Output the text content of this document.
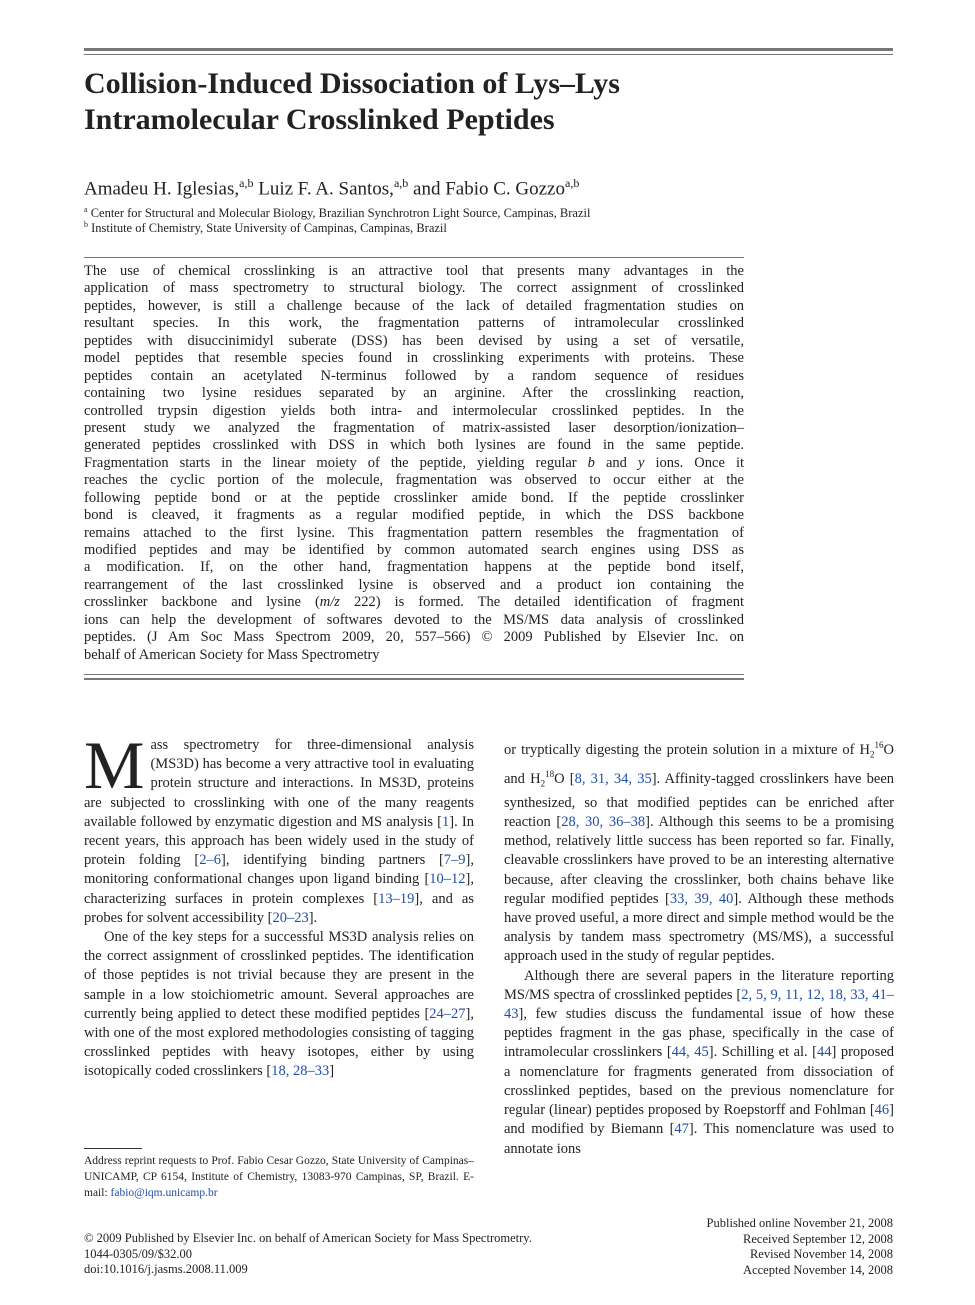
Collision-Induced Dissociation of Lys–Lys
Intramolecular Crosslinked Peptides
Amadeu H. Iglesias,$^{a,b}$ Luiz F. A. Santos,$^{a,b}$ and Fabio C. Gozzo$^{a,b}$
$^a$ Center for Structural and Molecular Biology, Brazilian Synchrotron Light Source, Campinas, Brazil
$^b$ Institute of Chemistry, State University of Campinas, Campinas, Brazil
The use of chemical crosslinking is an attractive tool that presents many advantages in the
application of mass spectrometry to structural biology. The correct assignment of crosslinked
peptides, however, is still a challenge because of the lack of detailed fragmentation studies on
resultant species. In this work, the fragmentation patterns of intramolecular crosslinked
peptides with disuccinimidyl suberate (DSS) has been devised by using a set of versatile,
model peptides that resemble species found in crosslinking experiments with proteins. These
peptides contain an acetylated N-terminus followed by a random sequence of residues
containing two lysine residues separated by an arginine. After the crosslinking reaction,
controlled trypsin digestion yields both intra- and intermolecular crosslinked peptides. In the
present study we analyzed the fragmentation of matrix-assisted laser desorption/ionization–
generated peptides crosslinked with DSS in which both lysines are found in the same peptide.
Fragmentation starts in the linear moiety of the peptide, yielding regular b and y ions. Once it
reaches the cyclic portion of the molecule, fragmentation was observed to occur either at the
following peptide bond or at the peptide crosslinker amide bond. If the peptide crosslinker
bond is cleaved, it fragments as a regular modified peptide, in which the DSS backbone
remains attached to the first lysine. This fragmentation pattern resembles the fragmentation of
modified peptides and may be identified by common automated search engines using DSS as
a modification. If, on the other hand, fragmentation happens at the peptide bond itself,
rearrangement of the last crosslinked lysine is observed and a product ion containing the
crosslinker backbone and lysine (m/z 222) is formed. The detailed identification of fragment
ions can help the development of softwares devoted to the MS/MS data analysis of crosslinked
peptides. (J Am Soc Mass Spectrom 2009, 20, 557–566) © 2009 Published by Elsevier Inc. on
behalf of American Society for Mass Spectrometry

Mass spectrometry for three-dimensional analysis (MS3D) has become a very attractive tool in evaluating protein structure and interactions. In MS3D, proteins are subjected to crosslinking with one of the many reagents available followed by enzymatic digestion and MS analysis [1]. In recent years, this approach has been widely used in the study of protein folding [2–6], identifying binding partners [7–9], monitoring conformational changes upon ligand binding [10–12], characterizing surfaces in protein complexes [13–19], and as probes for solvent accessibility [20–23].

One of the key steps for a successful MS3D analysis relies on the correct assignment of crosslinked peptides. The identification of those peptides is not trivial because they are present in the sample in a low stoichiometric amount. Several approaches are currently being applied to detect these modified peptides [24–27], with one of the most explored methodologies consisting of tagging crosslinked peptides with heavy isotopes, either by using isotopically coded crosslinkers [18, 28–33]

or tryptically digesting the protein solution in a mixture of $H_2^{16}O$ and $H_2^{18}O$ [8, 31, 34, 35]. Affinity-tagged crosslinkers have been synthesized, so that modified peptides can be enriched after reaction [28, 30, 36–38]. Although this seems to be a promising method, relatively little success has been reported so far. Finally, cleavable crosslinkers have proved to be an interesting alternative because, after cleaving the crosslinker, both chains behave like regular modified peptides [33, 39, 40]. Although these methods have proved useful, a more direct and simple method would be the analysis by tandem mass spectrometry (MS/MS), a successful approach used in the study of regular peptides.

Although there are several papers in the literature reporting MS/MS spectra of crosslinked peptides [2, 5, 9, 11, 12, 18, 33, 41–43], few studies discuss the fundamental issue of how these peptides fragment in the gas phase, specifically in the case of intramolecular crosslinkers [44, 45]. Schilling et al. [44] proposed a nomenclature for fragments generated from dissociation of crosslinked peptides, based on the previous nomenclature for regular (linear) peptides proposed by Roepstorff and Fohlman [46] and modified by Biemann [47]. This nomenclature was used to annotate ions

Address reprint requests to Prof. Fabio Cesar Gozzo, State University of Campinas–UNICAMP, CP 6154, Institute of Chemistry, 13083-970 Campinas, SP, Brazil. E-mail: fabio@iqm.unicamp.br
© 2009 Published by Elsevier Inc. on behalf of American Society for Mass Spectrometry.
1044-0305/09/$32.00
doi:10.1016/j.jasms.2008.11.009
Published online November 21, 2008
Received September 12, 2008
Revised November 14, 2008
Accepted November 14, 2008
